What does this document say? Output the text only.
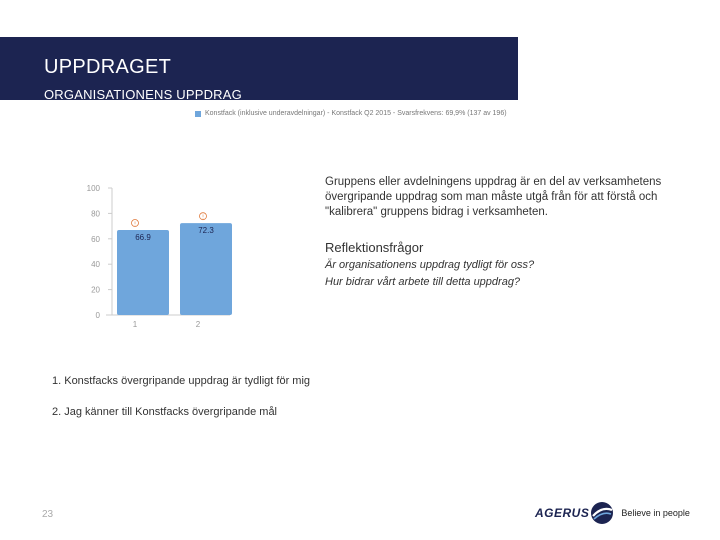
UPPDRAGET
ORGANISATIONENS UPPDRAG
Konstfack (inklusive underavdelningar) - Konstfack Q2 2015 - Svarsfrekvens: 69,9% (137 av 196)
0
20
40
60
80
100
66.9
!
1
72.3
!
2
Gruppens eller avdelningens uppdrag är en del av verksamhetens övergripande uppdrag som man måste utgå från för att förstå och "kalibrera" gruppens bidrag i verksamheten.
Reflektionsfrågor
Är organisationens uppdrag tydligt för oss?
Hur bidrar vårt arbete till detta uppdrag?
1. Konstfacks övergripande uppdrag är tydligt för mig
2. Jag känner till Konstfacks övergripande mål
23	AGERUS	Believe in people
